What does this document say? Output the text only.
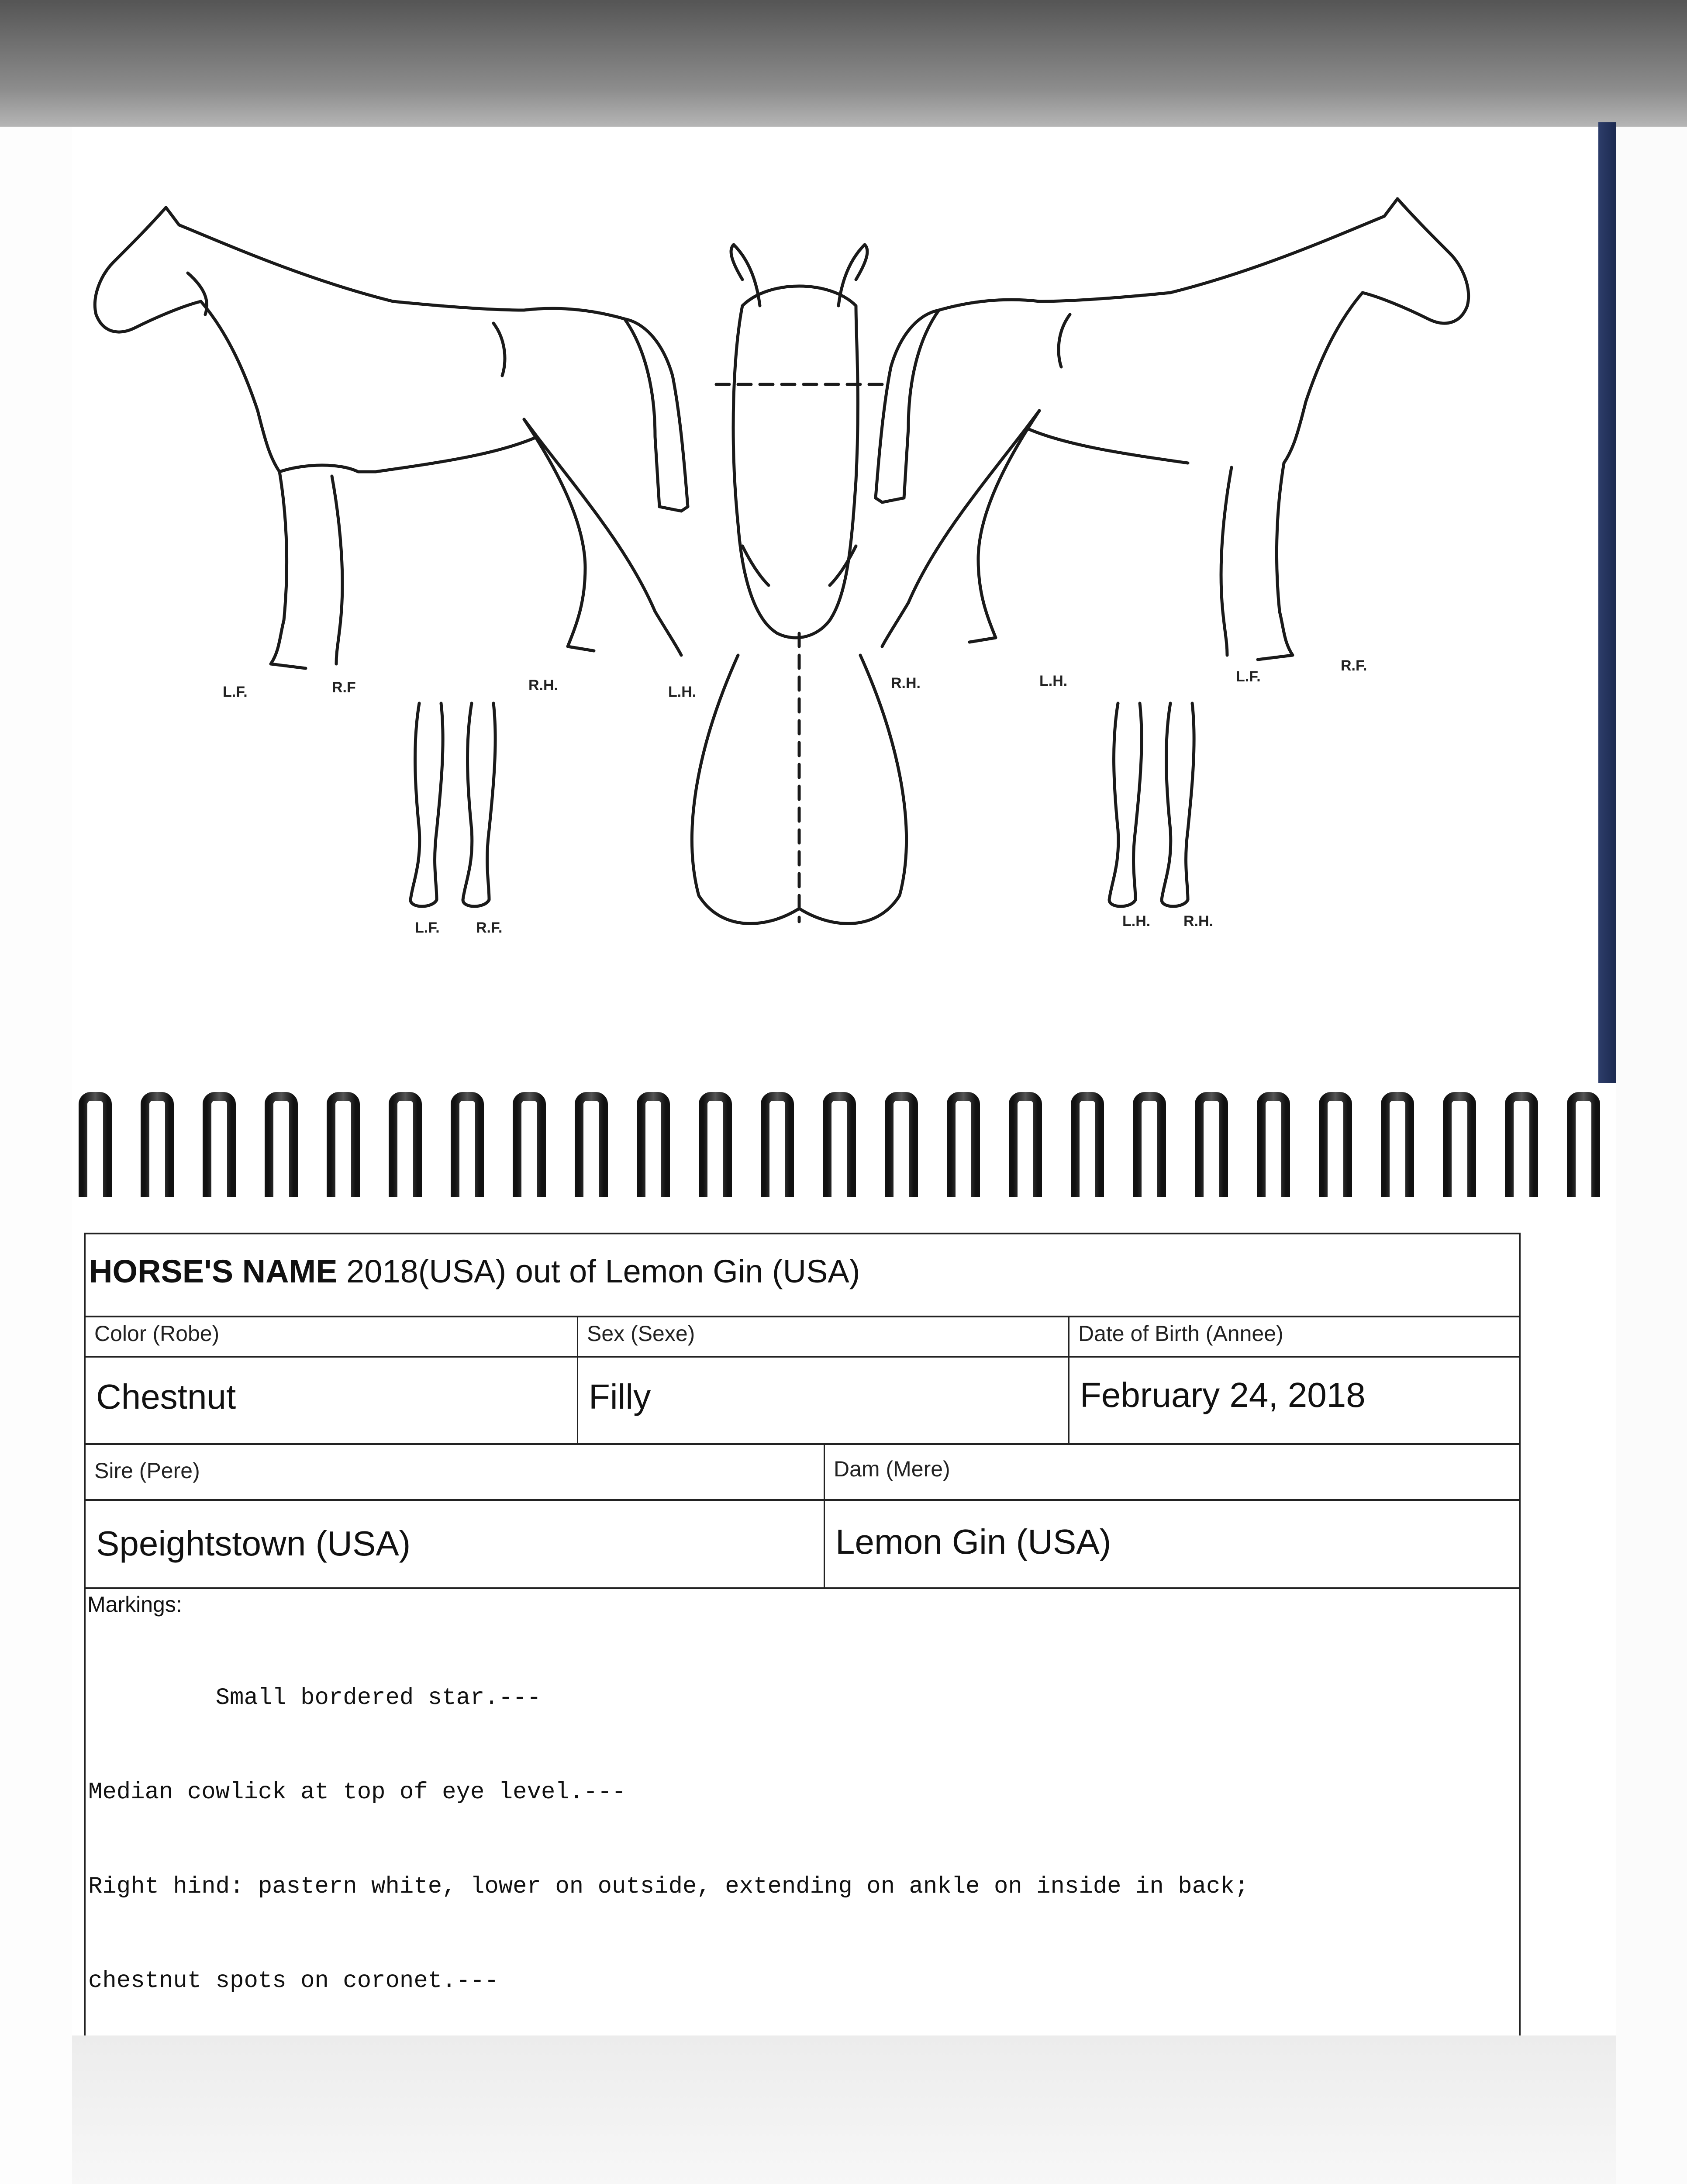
L.F.	R.F	R.H.	L.H.
L.F. R.F.
R.H.	L.H.	L.F.
R.F.
L.H. R.H.
HORSE'S NAME 2018(USA) out of Lemon Gin (USA)
Color (Robe)	Sex (Sexe)	Date of Birth (Annee)
Chestnut	Filly	February 24, 2018
Sire (Pere)	Dam (Mere)
Speightstown (USA)	Lemon Gin (USA)
Markings:

Small bordered star.---

Median cowlick at top of eye level.---

Right hind: pastern white, lower on outside, extending on ankle on inside in back;

chestnut spots on coronet.---
